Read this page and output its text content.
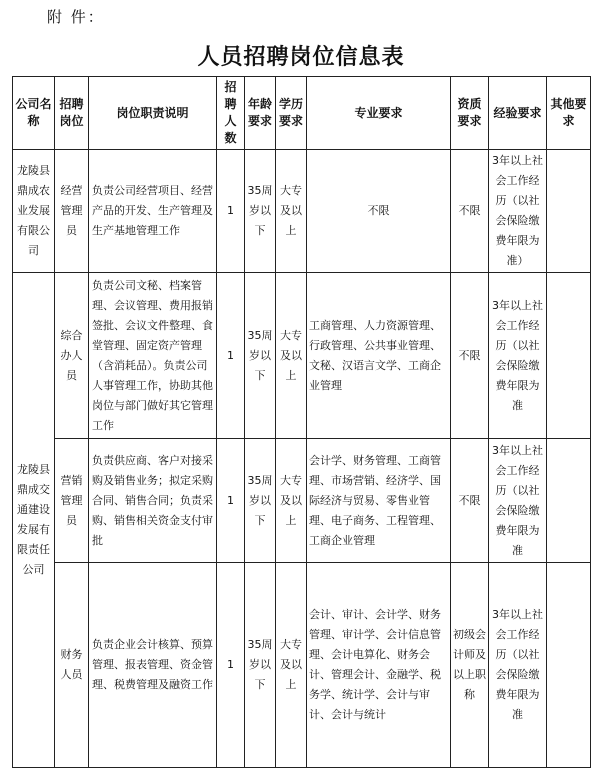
附 件：
人员招聘岗位信息表
公司名称	招聘岗位	岗位职责说明	招聘人数	年龄要求	学历要求	专业要求	资质要求	经验要求	其他要求
龙陵县鼎成农业发展有限公司	经营管理员	负责公司经营项目、经营产品的开发、生产管理及生产基地管理工作	1	35周岁以下	大专及以上	不限	不限	3年以上社会工作经历（以社会保险缴费年限为准）	
龙陵县鼎成交通建设发展有限责任公司	综合办人员	负责公司文秘、档案管理、会议管理、费用报销签批、会议文件整理、食堂管理、固定资产管理（含消耗品）。负责公司人事管理工作，协助其他岗位与部门做好其它管理工作	1	35周岁以下	大专及以上	工商管理、人力资源管理、行政管理、公共事业管理、文秘、汉语言文学、工商企业管理	不限	3年以上社会工作经历（以社会保险缴费年限为准	
	营销管理员	负责供应商、客户对接采购及销售业务；拟定采购合同、销售合同；负责采购、销售相关资金支付审批	1	35周岁以下	大专及以上	会计学、财务管理、工商管理、市场营销、经济学、国际经济与贸易、零售业管理、电子商务、工程管理、工商企业管理	不限	3年以上社会工作经历（以社会保险缴费年限为准	
	财务人员	负责企业会计核算、预算管理、报表管理、资金管理、税费管理及融资工作	1	35周岁以下	大专及以上	会计、审计、会计学、财务管理、审计学、会计信息管理、会计电算化、财务会计、管理会计、金融学、税务学、统计学、会计与审计、会计与统计	初级会计师及以上职称	3年以上社会工作经历（以社会保险缴费年限为准	
